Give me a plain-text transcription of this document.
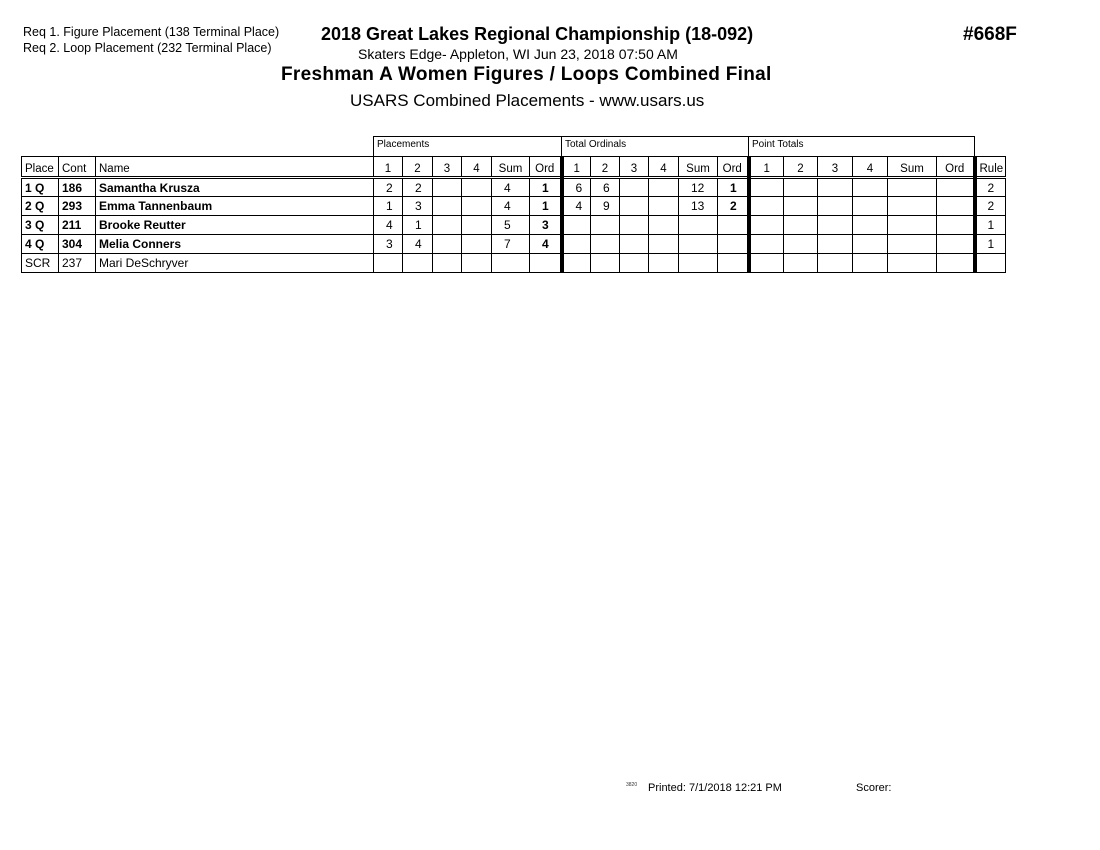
Req 1. Figure Placement (138 Terminal Place)
Req 2. Loop Placement (232 Terminal Place)
2018 Great Lakes Regional Championship (18-092)
Skaters Edge- Appleton, WI Jun 23, 2018 07:50 AM
Freshman A Women Figures / Loops Combined Final
USARS Combined Placements - www.usars.us
#668F
Placements	Total Ordinals	Point Totals
Place	Cont	Name	1	2	3	4	Sum	Ord	1	2	3	4	Sum	Ord	1	2	3	4	Sum	Ord	Rule
1 Q	186	Samantha Krusza	2	2			4	1	6	6			12	1							2
2 Q	293	Emma Tannenbaum	1	3			4	1	4	9			13	2							2
3 Q	211	Brooke Reutter	4	1			5	3													1
4 Q	304	Melia Conners	3	4			7	4													1
SCR	237	Mari DeSchryver																			
3820 Printed: 7/1/2018 12:21 PM	Scorer:
